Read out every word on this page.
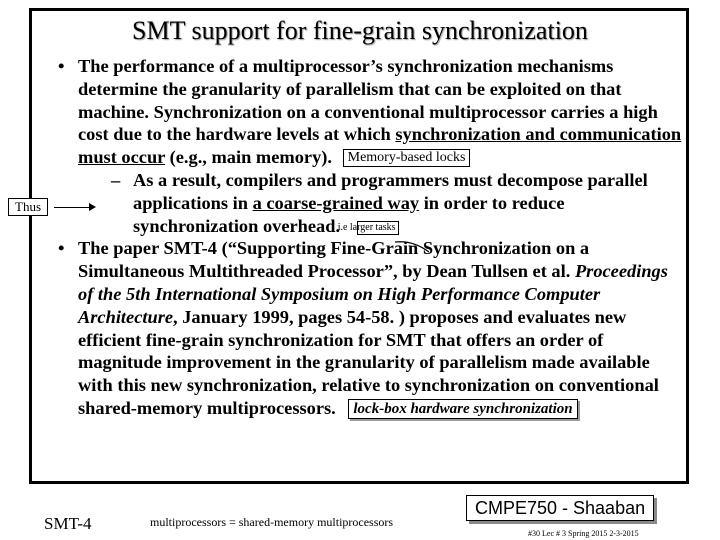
SMT support for fine-grain synchronization
• The performance of a multiprocessor’s synchronization mechanisms determine the granularity of parallelism that can be exploited on that machine. Synchronization on a conventional multiprocessor carries a high cost due to the hardware levels at which synchronization and communication must occur (e.g., main memory). Memory-based locks
– As a result, compilers and programmers must decompose parallel applications in a coarse-grained way in order to reduce synchronization overhead. i.e larger tasks
• The paper SMT-4 (“Supporting Fine-Grain Synchronization on a Simultaneous Multithreaded Processor”, by Dean Tullsen et al. Proceedings of the 5th International Symposium on High Performance Computer Architecture, January 1999, pages 54-58. ) proposes and evaluates new efficient fine-grain synchronization for SMT that offers an order of magnitude improvement in the granularity of parallelism made available with this new synchronization, relative to synchronization on conventional shared-memory multiprocessors. lock-box hardware synchronization
Thus
SMT-4	multiprocessors = shared-memory multiprocessors
CMPE750 - Shaaban
#30 Lec # 3 Spring 2015 2-3-2015
